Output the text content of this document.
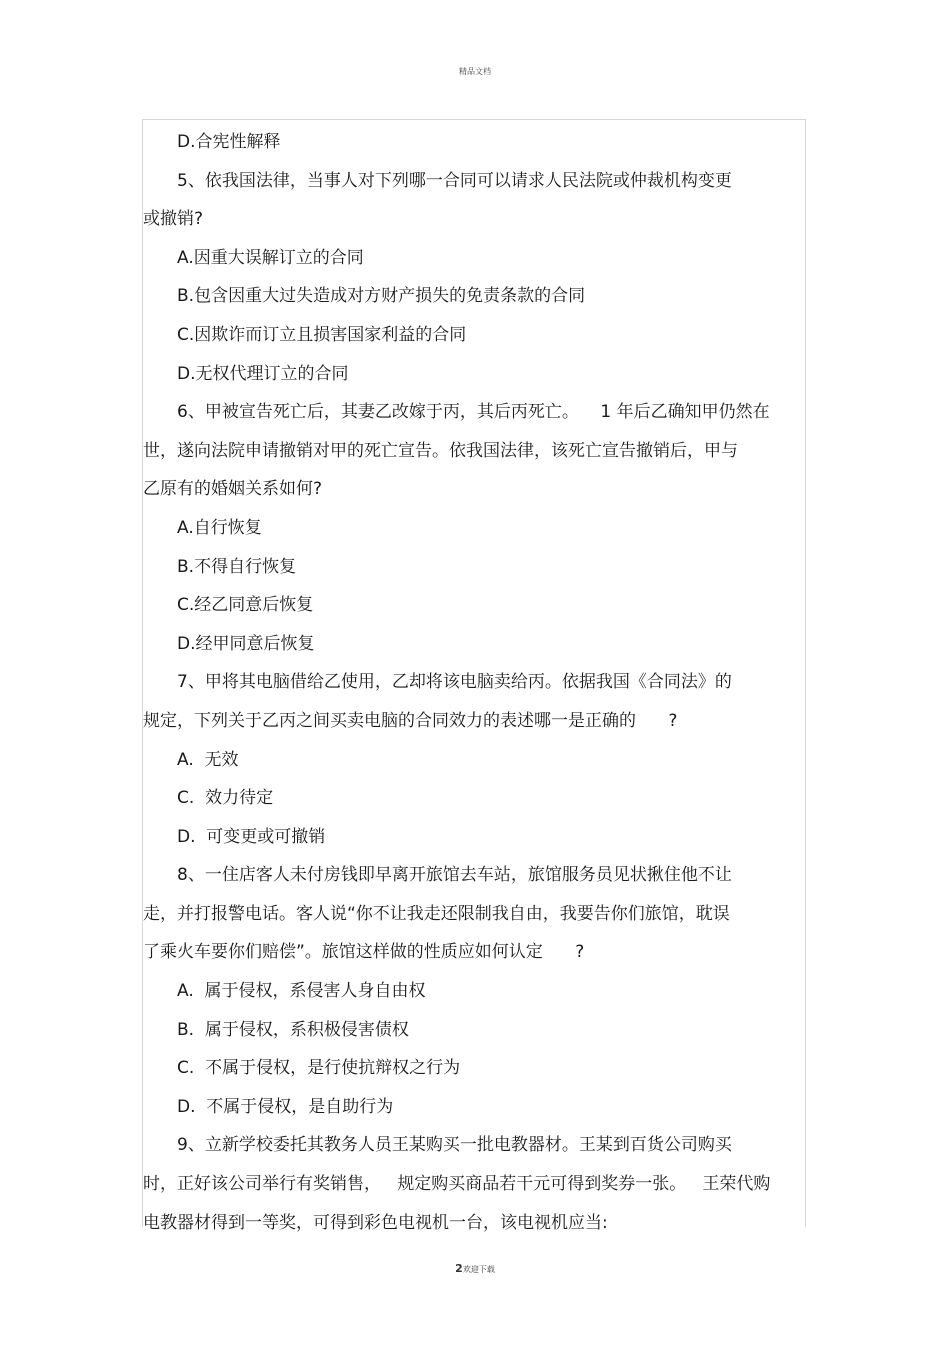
精品文档
D.合宪性解释
5、依我国法律，当事人对下列哪一合同可以请求人民法院或仲裁机构变更
或撤销?
A.因重大误解订立的合同
B.包含因重大过失造成对方财产损失的免责条款的合同
C.因欺诈而订立且损害国家利益的合同
D.无权代理订立的合同
6、甲被宣告死亡后，其妻乙改嫁于丙，其后丙死亡。    1 年后乙确知甲仍然在
世，遂向法院申请撤销对甲的死亡宣告。依我国法律，该死亡宣告撤销后，甲与
乙原有的婚姻关系如何?
A.自行恢复
B.不得自行恢复
C.经乙同意后恢复
D.经甲同意后恢复
7、甲将其电脑借给乙使用，乙却将该电脑卖给丙。依据我国《合同法》的
规定，下列关于乙丙之间买卖电脑的合同效力的表述哪一是正确的      ?
A.  无效
C.  效力待定
D.  可变更或可撤销
8、一住店客人未付房钱即早离开旅馆去车站，旅馆服务员见状揪住他不让
走，并打报警电话。客人说“你不让我走还限制我自由，我要告你们旅馆，耽误
了乘火车要你们赔偿”。旅馆这样做的性质应如何认定      ?
A.  属于侵权，系侵害人身自由权
B.  属于侵权，系积极侵害债权
C.  不属于侵权，是行使抗辩权之行为
D.  不属于侵权，是自助行为
9、立新学校委托其教务人员王某购买一批电教器材。王某到百货公司购买
时，正好该公司举行有奖销售，   规定购买商品若干元可得到奖券一张。   王荣代购
电教器材得到一等奖，可得到彩色电视机一台，该电视机应当:
2欢迎下载
